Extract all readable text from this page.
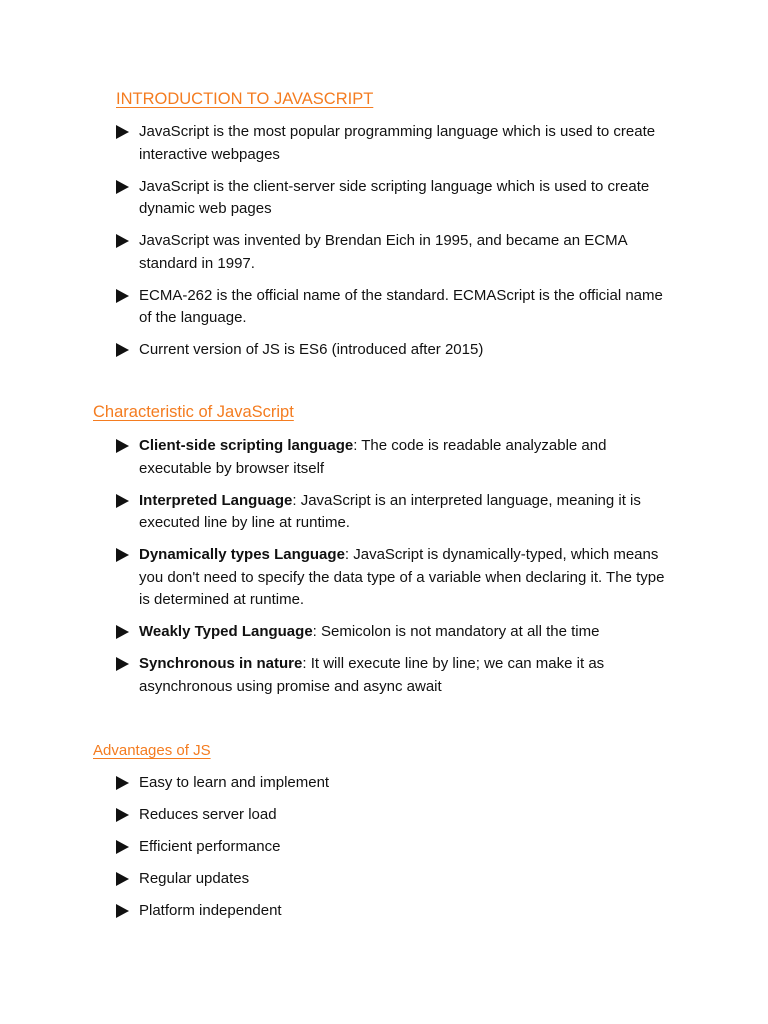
INTRODUCTION TO JAVASCRIPT
JavaScript is the most popular programming language which is used to create interactive webpages
JavaScript is the client-server side scripting language which is used to create dynamic web pages
JavaScript was invented by Brendan Eich in 1995, and became an ECMA standard in 1997.
ECMA-262 is the official name of the standard. ECMAScript is the official name of the language.
Current version of JS is ES6 (introduced after 2015)
Characteristic of JavaScript
Client-side scripting language: The code is readable analyzable and executable by browser itself
Interpreted Language: JavaScript is an interpreted language, meaning it is executed line by line at runtime.
Dynamically types Language: JavaScript is dynamically-typed, which means you don't need to specify the data type of a variable when declaring it. The type is determined at runtime.
Weakly Typed Language: Semicolon is not mandatory at all the time
Synchronous in nature: It will execute line by line; we can make it as asynchronous using promise and async await
Advantages of JS
Easy to learn and implement
Reduces server load
Efficient performance
Regular updates
Platform independent
